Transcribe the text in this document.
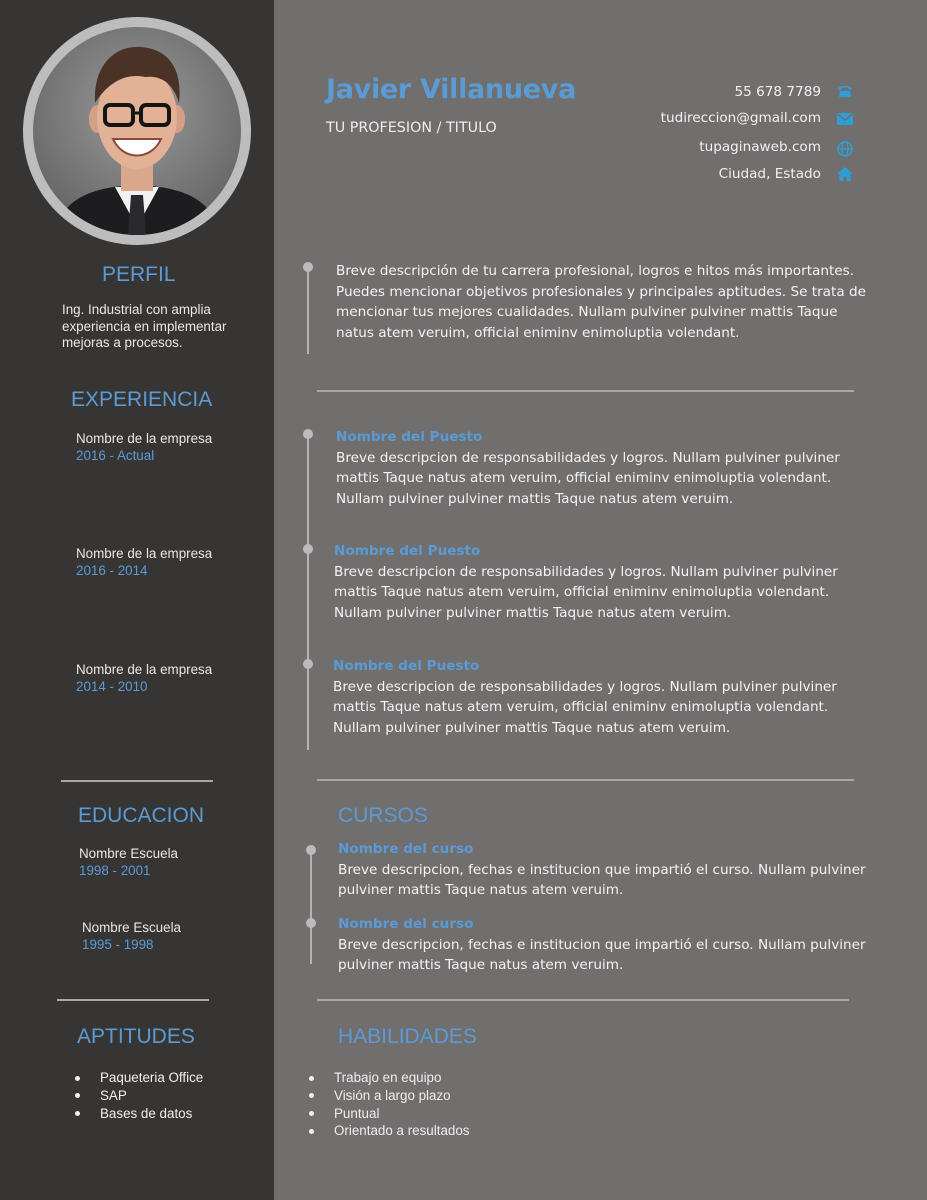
PERFIL
Ing. Industrial con amplia
experiencia en implementar
mejoras a procesos.
EXPERIENCIA
Nombre de la empresa
2016 - Actual
Nombre de la empresa
2016 - 2014
Nombre de la empresa
2014 - 2010
EDUCACION
Nombre Escuela
1998 - 2001
Nombre Escuela
1995 - 1998
APTITUDES
Paqueteria Office
SAP
Bases de datos
Javier Villanueva
TU PROFESION / TITULO
55 678 7789
tudireccion@gmail.com
tupaginaweb.com
Ciudad, Estado
Breve descripción de tu carrera profesional, logros e hitos más importantes.
Puedes mencionar objetivos profesionales y principales aptitudes. Se trata de
mencionar tus mejores cualidades. Nullam pulviner pulviner mattis Taque
natus atem veruim, official eniminv enimoluptia volendant.
Nombre del Puesto
Breve descripcion de responsabilidades y logros. Nullam pulviner pulviner
mattis Taque natus atem veruim, official eniminv enimoluptia volendant.
Nullam pulviner pulviner mattis Taque natus atem veruim.
Nombre del Puesto
Breve descripcion de responsabilidades y logros. Nullam pulviner pulviner
mattis Taque natus atem veruim, official eniminv enimoluptia volendant.
Nullam pulviner pulviner mattis Taque natus atem veruim.
Nombre del Puesto
Breve descripcion de responsabilidades y logros. Nullam pulviner pulviner
mattis Taque natus atem veruim, official eniminv enimoluptia volendant.
Nullam pulviner pulviner mattis Taque natus atem veruim.
CURSOS
Nombre del curso
Breve descripcion, fechas e institucion que impartió el curso. Nullam pulviner
pulviner mattis Taque natus atem veruim.
Nombre del curso
Breve descripcion, fechas e institucion que impartió el curso. Nullam pulviner
pulviner mattis Taque natus atem veruim.
HABILIDADES
Trabajo en equipo
Visión a largo plazo
Puntual
Orientado a resultados
